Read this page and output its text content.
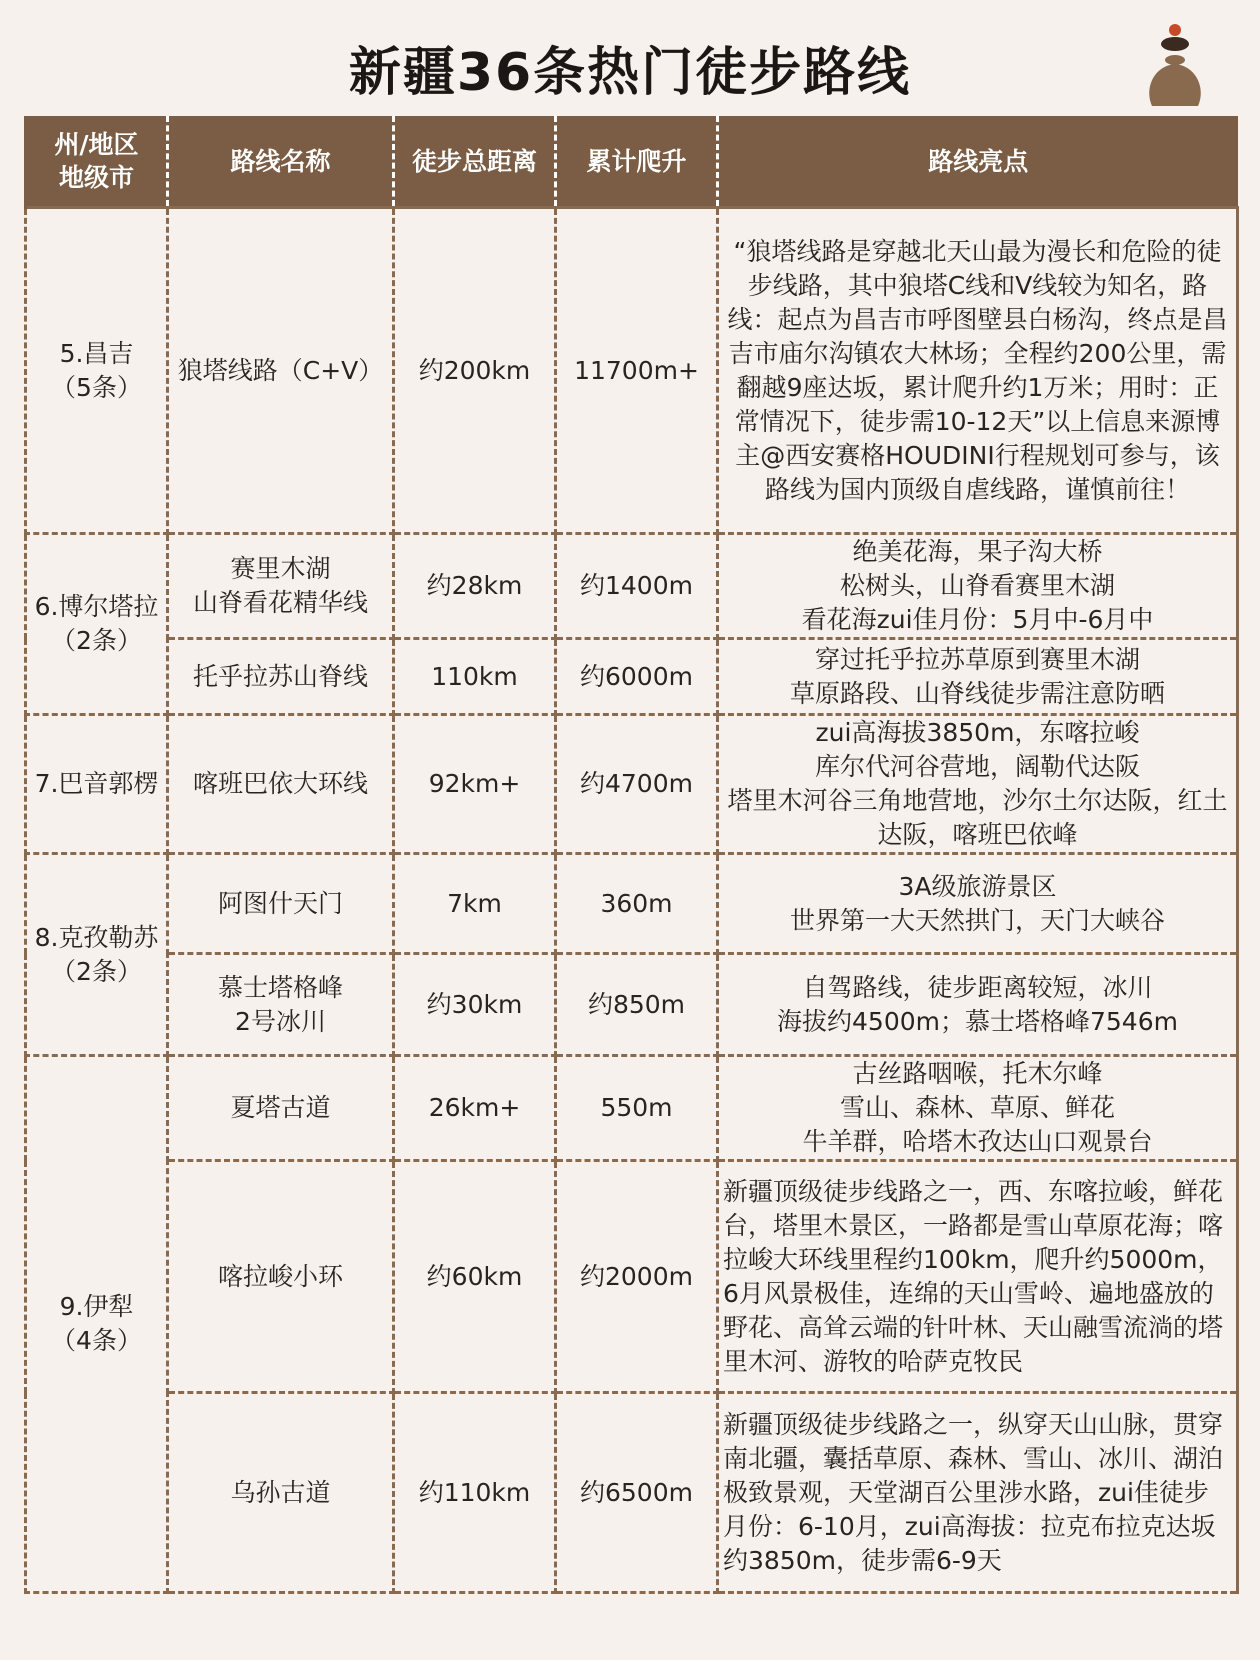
新疆36条热门徒步路线
州/地区
地级市	路线名称	徒步总距离	累计爬升	路线亮点
5.昌吉
（5条）	狼塔线路（C+V）	约200km	11700m+	“狼塔线路是穿越北天山最为漫长和危险的徒步线路，其中狼塔C线和V线较为知名，路线：起点为昌吉市呼图壁县白杨沟，终点是昌吉市庙尔沟镇农大林场；全程约200公里，需翻越9座达坂，累计爬升约1万米；用时：正常情况下，徒步需10-12天”以上信息来源博主@西安赛格HOUDINI行程规划可参与，该路线为国内顶级自虐线路，谨慎前往！
6.博尔塔拉
（2条）	赛里木湖
山脊看花精华线	约28km	约1400m	绝美花海，果子沟大桥
松树头，山脊看赛里木湖
看花海zui佳月份：5月中-6月中
	托乎拉苏山脊线	110km	约6000m	穿过托乎拉苏草原到赛里木湖
草原路段、山脊线徒步需注意防晒
7.巴音郭楞	喀班巴依大环线	92km+	约4700m	zui高海拔3850m，东喀拉峻
库尔代河谷营地，阔勒代达阪
塔里木河谷三角地营地，沙尔土尔达阪，红土达阪，喀班巴依峰
8.克孜勒苏
（2条）	阿图什天门	7km	360m	3A级旅游景区
世界第一大天然拱门，天门大峡谷
	慕士塔格峰
2号冰川	约30km	约850m	自驾路线，徒步距离较短，冰川
海拔约4500m；慕士塔格峰7546m
9.伊犁
（4条）	夏塔古道	26km+	550m	古丝路咽喉，托木尔峰
雪山、森林、草原、鲜花
牛羊群，哈塔木孜达山口观景台
	喀拉峻小环	约60km	约2000m	新疆顶级徒步线路之一，西、东喀拉峻，鲜花台，塔里木景区，一路都是雪山草原花海；喀拉峻大环线里程约100km，爬升约5000m，6月风景极佳，连绵的天山雪岭、遍地盛放的野花、高耸云端的针叶林、天山融雪流淌的塔里木河、游牧的哈萨克牧民
	乌孙古道	约110km	约6500m	新疆顶级徒步线路之一，纵穿天山山脉，贯穿南北疆，囊括草原、森林、雪山、冰川、湖泊极致景观，天堂湖百公里涉水路，zui佳徒步月份：6-10月，zui高海拔：拉克布拉克达坂约3850m，徒步需6-9天
